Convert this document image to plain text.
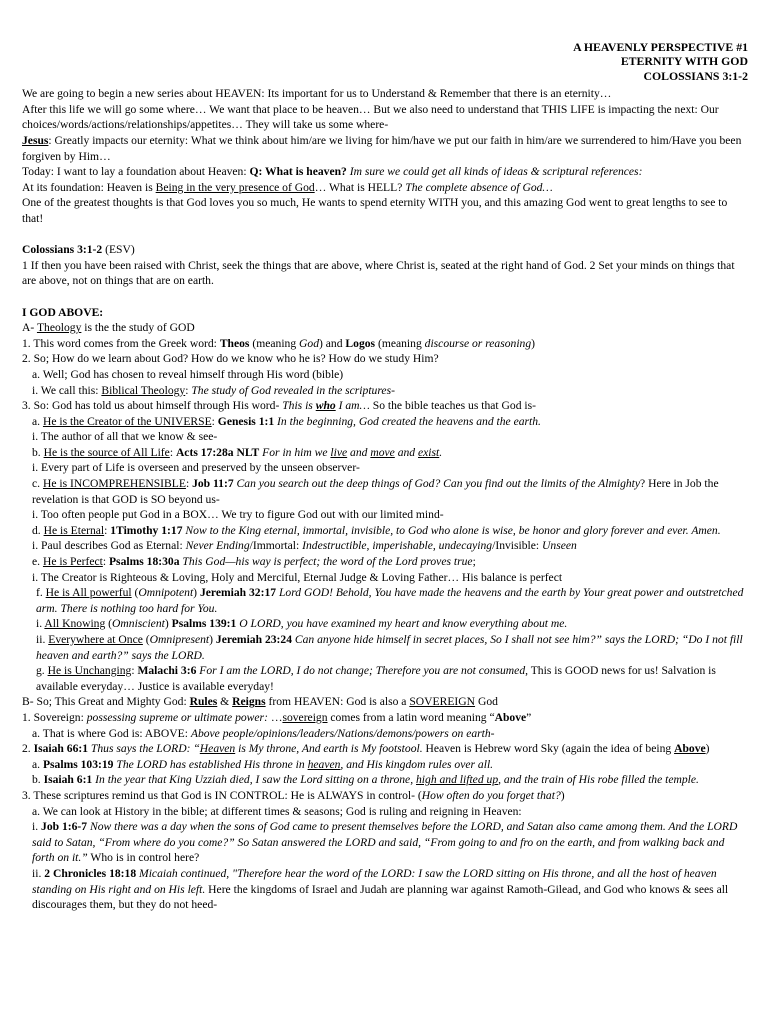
A HEAVENLY PERSPECTIVE #1
ETERNITY WITH GOD
COLOSSIANS 3:1-2

We are going to begin a new series about HEAVEN: Its important for us to Understand & Remember that there is an eternity…

After this life we will go some where… We want that place to be heaven… But we also need to understand that THIS LIFE is impacting the next: Our choices/words/actions/relationships/appetites… They will take us some where-

Jesus: Greatly impacts our eternity: What we think about him/are we living for him/have we put our faith in him/are we surrendered to him/Have you been forgiven by Him…

Today: I want to lay a foundation about Heaven: Q: What is heaven? Im sure we could get all kinds of ideas & scriptural references:

At its foundation: Heaven is Being in the very presence of God… What is HELL? The complete absence of God…

One of the greatest thoughts is that God loves you so much, He wants to spend eternity WITH you, and this amazing God went to great lengths to see to that!

Colossians 3:1-2 (ESV)

1 If then you have been raised with Christ, seek the things that are above, where Christ is, seated at the right hand of God. 2 Set your minds on things that are above, not on things that are on earth.

I GOD ABOVE:

A- Theology is the the study of GOD

1. This word comes from the Greek word: Theos (meaning God) and Logos (meaning discourse or reasoning)

2. So; How do we learn about God? How do we know who he is? How do we study Him?

a. Well; God has chosen to reveal himself through His word (bible)

i. We call this: Biblical Theology: The study of God revealed in the scriptures-

3. So: God has told us about himself through His word- This is who I am… So the bible teaches us that God is-

a. He is the Creator of the UNIVERSE: Genesis 1:1 In the beginning, God created the heavens and the earth.

i. The author of all that we know & see-

b. He is the source of All Life: Acts 17:28a NLT For in him we live and move and exist.

i. Every part of Life is overseen and preserved by the unseen observer-

c. He is INCOMPREHENSIBLE: Job 11:7 Can you search out the deep things of God? Can you find out the limits of the Almighty? Here in Job the revelation is that GOD is SO beyond us-

i. Too often people put God in a BOX… We try to figure God out with our limited mind-

d. He is Eternal: 1Timothy 1:17 Now to the King eternal, immortal, invisible, to God who alone is wise, be honor and glory forever and ever. Amen.

i. Paul describes God as Eternal: Never Ending/Immortal: Indestructible, imperishable, undecaying/Invisible: Unseen

e. He is Perfect: Psalms 18:30a This God—his way is perfect; the word of the Lord proves true;

i. The Creator is Righteous & Loving, Holy and Merciful, Eternal Judge & Loving Father… His balance is perfect

f. He is All powerful (Omnipotent) Jeremiah 32:17 Lord GOD! Behold, You have made the heavens and the earth by Your great power and outstretched arm. There is nothing too hard for You.

i. All Knowing (Omniscient) Psalms 139:1 O LORD, you have examined my heart and know everything about me.

ii. Everywhere at Once (Omnipresent) Jeremiah 23:24 Can anyone hide himself in secret places, So I shall not see him?” says the LORD; “Do I not fill heaven and earth?” says the LORD.

g. He is Unchanging: Malachi 3:6 For I am the LORD, I do not change; Therefore you are not consumed, This is GOOD news for us! Salvation is available everyday… Justice is available everyday!

B- So; This Great and Mighty God: Rules & Reigns from HEAVEN: God is also a SOVEREIGN God

1. Sovereign: possessing supreme or ultimate power: …sovereign comes from a latin word meaning “Above”

a. That is where God is: ABOVE: Above people/opinions/leaders/Nations/demons/powers on earth-

2. Isaiah 66:1 Thus says the LORD: “Heaven is My throne, And earth is My footstool. Heaven is Hebrew word Sky (again the idea of being Above)

a. Psalms 103:19 The LORD has established His throne in heaven, and His kingdom rules over all.

b. Isaiah 6:1 In the year that King Uzziah died, I saw the Lord sitting on a throne, high and lifted up, and the train of His robe filled the temple.

3. These scriptures remind us that God is IN CONTROL: He is ALWAYS in control- (How often do you forget that?)

a. We can look at History in the bible; at different times & seasons; God is ruling and reigning in Heaven:

i. Job 1:6-7 Now there was a day when the sons of God came to present themselves before the LORD, and Satan also came among them. And the LORD said to Satan, “From where do you come?” So Satan answered the LORD and said, “From going to and fro on the earth, and from walking back and forth on it.” Who is in control here?

ii. 2 Chronicles 18:18 Micaiah continued, "Therefore hear the word of the LORD: I saw the LORD sitting on His throne, and all the host of heaven standing on His right and on His left. Here the kingdoms of Israel and Judah are planning war against Ramoth-Gilead, and God who knows & sees all discourages them, but they do not heed-
